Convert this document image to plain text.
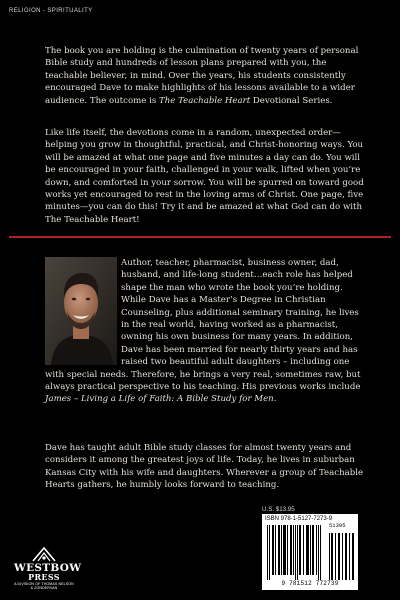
RELIGION - SPIRITUALITY

The book you are holding is the culmination of twenty years of personal Bible study and hundreds of lesson plans prepared with you, the teachable believer, in mind. Over the years, his students consistently encouraged Dave to make highlights of his lessons available to a wider audience. The outcome is The Teachable Heart Devotional Series.

Like life itself, the devotions come in a random, unexpected order—helping you grow in thoughtful, practical, and Christ-honoring ways. You will be amazed at what one page and five minutes a day can do. You will be encouraged in your faith, challenged in your walk, lifted when you’re down, and comforted in your sorrow. You will be spurred on toward good works yet encouraged to rest in the loving arms of Christ. One page, five minutes—you can do this! Try it and be amazed at what God can do with The Teachable Heart!

Author, teacher, pharmacist, business owner, dad, husband, and life-long student…each role has helped shape the man who wrote the book you’re holding. While Dave has a Master’s Degree in Christian Counseling, plus additional seminary training, he lives in the real world, having worked as a pharmacist, owning his own business for many years. In addition, Dave has been married for nearly thirty years and has raised two beautiful adult daughters – including one with special needs. Therefore, he brings a very real, sometimes raw, but always practical perspective to his teaching. His previous works include James – Living a Life of Faith: A Bible Study for Men.

Dave has taught adult Bible study classes for almost twenty years and considers it among the greatest joys of life. Today, he lives in suburban Kansas City with his wife and daughters. Wherever a group of Teachable Hearts gathers, he humbly looks forward to teaching.

U.S. $13.95
ISBN 978-1-5127-7273-9
51395
9 781512 772739
WESTBOW
PRESS
A DIVISION OF THOMAS NELSON
& ZONDERVAN
